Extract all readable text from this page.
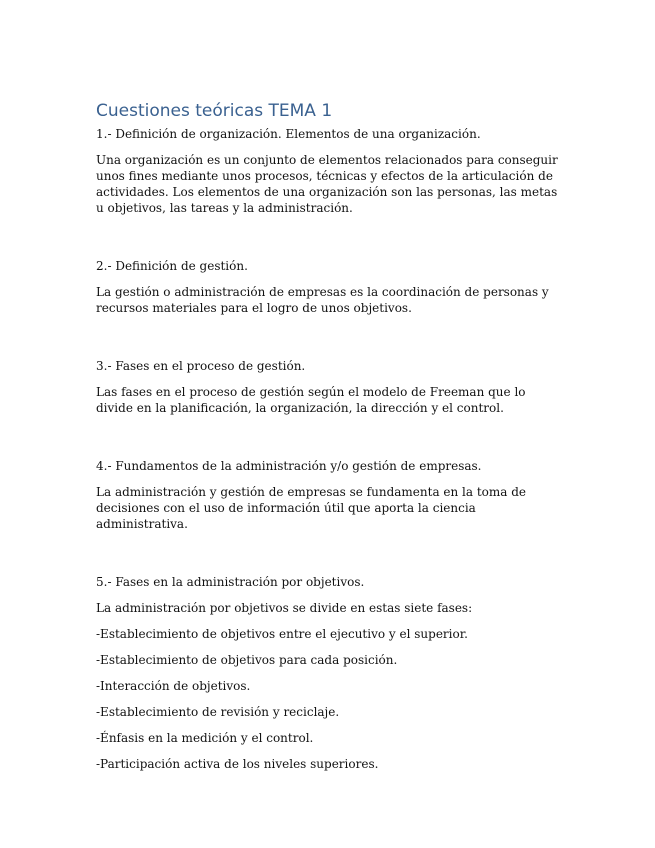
Cuestiones teóricas TEMA 1

1.- Definición de organización. Elementos de una organización.

Una organización es un conjunto de elementos relacionados para conseguir unos fines mediante unos procesos, técnicas y efectos de la articulación de actividades. Los elementos de una organización son las personas, las metas u objetivos, las tareas y la administración.

2.- Definición de gestión.

La gestión o administración de empresas es la coordinación de personas y recursos materiales para el logro de unos objetivos.

3.- Fases en el proceso de gestión.

Las fases en el proceso de gestión según el modelo de Freeman que lo divide en la planificación, la organización, la dirección y el control.

4.- Fundamentos de la administración y/o gestión de empresas.

La administración y gestión de empresas se fundamenta en la toma de decisiones con el uso de información útil que aporta la ciencia administrativa.

5.- Fases en la administración por objetivos.

La administración por objetivos se divide en estas siete fases:

-Establecimiento de objetivos entre el ejecutivo y el superior.

-Establecimiento de objetivos para cada posición.

-Interacción de objetivos.

-Establecimiento de revisión y reciclaje.

-Énfasis en la medición y el control.

-Participación activa de los niveles superiores.
